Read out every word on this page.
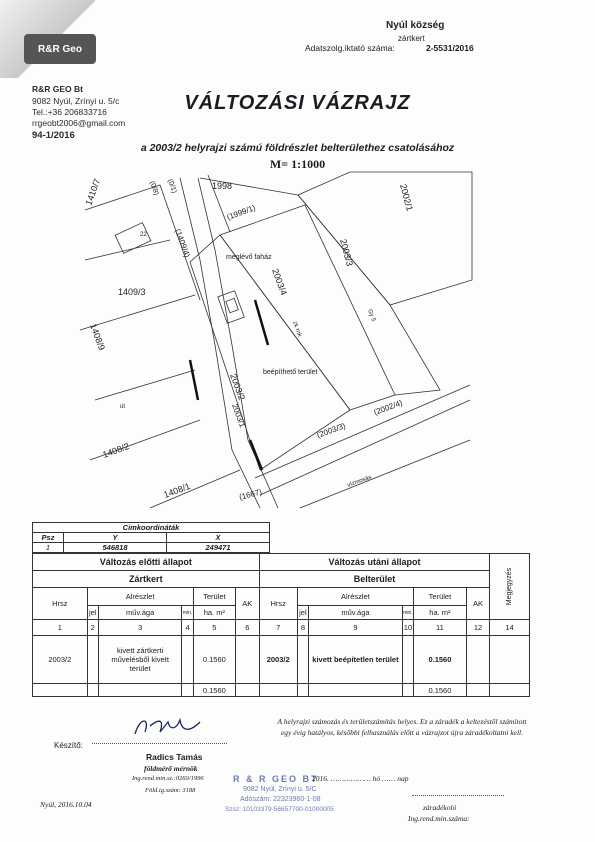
R&R Geo
Nyúl község
zártkert
Adatszolg.iktató száma:	2-5531/2016
R&R GEO Bt
9082 Nyúl, Zrínyi u. 5/c
Tel.:+36 206833716
rrgeobt2006@gmail.com
94-1/2016
VÁLTOZÁSI VÁZRAJZ
a 2003/2 helyrajzi számú földrészlet belterülethez csatolásához
M= 1:1000
1410/7
(1409/4)
1409/3
1408/9
1408/2
1408/1
1998
(1999/1)
2003/4
2003/3
2003/2
2003/1
(2003/3)
(2002/4)
2002/1
(1667)
(0/8) (0/1)
meglévő faház
beépíthető terület
út
vízmosás
zk rnk
Gy 5
22
Cimkoordináták		
Psz	Y	X
1	546818	249471
Változás előtti állapot						Változás utáni állapot						Megjegyzés

Zártkert						Belterület						
Hrsz	Alrészlet			Terület	AK	Hrsz	Alrészlet			Terület	AK	
	jel	műv.ága	min.	ha. m²			jel	műv.ága	min.	ha. m²		
1	2	3	4	5	6	7	8	9	10	11	12	14
2003/2		kivett zártkerti művelésből kivett terület		0.1560		2003/2		kivett beépítetlen terület		0.1560		
				0.1560						0.1560		
Készítő:
Radics Tamás
földmérő mérnök
Ing.rend.min.sz.:0260/1996
Föld.ig.szám: 3188
Nyúl, 2016.10.04
R & R GEO BT
9082 Nyúl, Zrínyi u. 5/C
Adószám: 22323960-1-08
Szsz: 10103379-56657700-01000005
A helyrajzi számozás és területszámítás helyes. Ez a záradék a keltezéstől számított egy évig hatályos, későbbi felhasználás előtt a vázrajzot újra záradékoltatni kell.
2016. ……………… hó …… nap
záradékoló
Ing.rend.min.száma:
